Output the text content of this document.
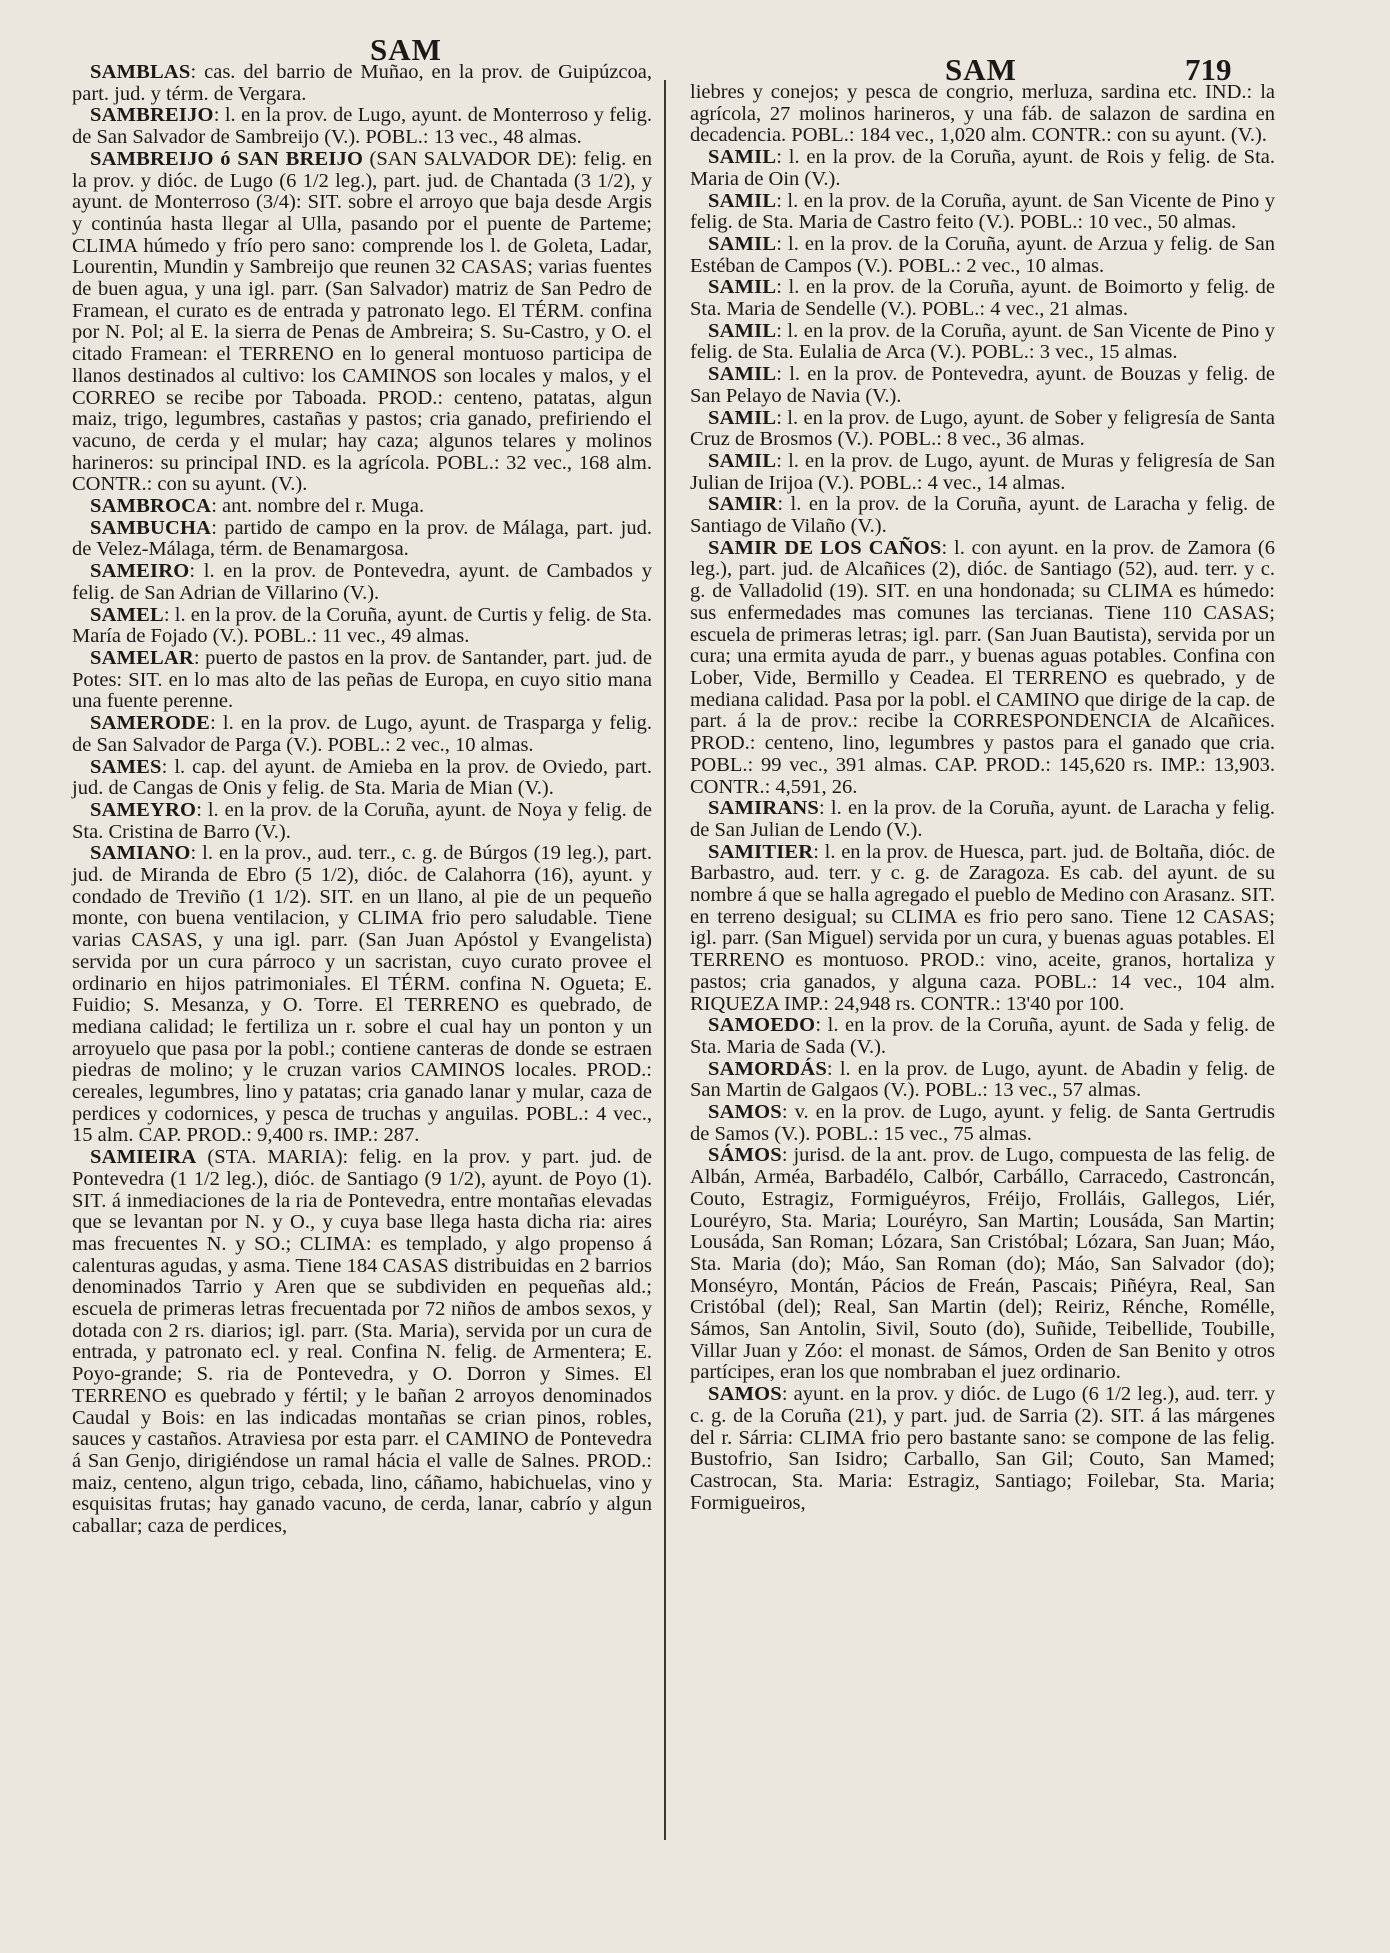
SAM
SAM	719

SAMBLAS: cas. del barrio de Muñao, en la prov. de Guipúzcoa, part. jud. y térm. de Vergara.

SAMBREIJO: l. en la prov. de Lugo, ayunt. de Monterroso y felig. de San Salvador de Sambreijo (V.). POBL.: 13 vec., 48 almas.

SAMBREIJO ó SAN BREIJO (SAN SALVADOR DE): felig. en la prov. y dióc. de Lugo (6 1/2 leg.), part. jud. de Chantada (3 1/2), y ayunt. de Monterroso (3/4): SIT. sobre el arroyo que baja desde Argis y continúa hasta llegar al Ulla, pasando por el puente de Parteme; CLIMA húmedo y frío pero sano: comprende los l. de Goleta, Ladar, Lourentin, Mundin y Sambreijo que reunen 32 CASAS; varias fuentes de buen agua, y una igl. parr. (San Salvador) matriz de San Pedro de Framean, el curato es de entrada y patronato lego. El TÉRM. confina por N. Pol; al E. la sierra de Penas de Ambreira; S. Su-Castro, y O. el citado Framean: el TERRENO en lo general montuoso participa de llanos destinados al cultivo: los CAMINOS son locales y malos, y el CORREO se recibe por Taboada. PROD.: centeno, patatas, algun maiz, trigo, legumbres, castañas y pastos; cria ganado, prefiriendo el vacuno, de cerda y el mular; hay caza; algunos telares y molinos harineros: su principal IND. es la agrícola. POBL.: 32 vec., 168 alm. CONTR.: con su ayunt. (V.).

SAMBROCA: ant. nombre del r. Muga.

SAMBUCHA: partido de campo en la prov. de Málaga, part. jud. de Velez-Málaga, térm. de Benamargosa.

SAMEIRO: l. en la prov. de Pontevedra, ayunt. de Cambados y felig. de San Adrian de Villarino (V.).

SAMEL: l. en la prov. de la Coruña, ayunt. de Curtis y felig. de Sta. María de Fojado (V.). POBL.: 11 vec., 49 almas.

SAMELAR: puerto de pastos en la prov. de Santander, part. jud. de Potes: SIT. en lo mas alto de las peñas de Europa, en cuyo sitio mana una fuente perenne.

SAMERODE: l. en la prov. de Lugo, ayunt. de Trasparga y felig. de San Salvador de Parga (V.). POBL.: 2 vec., 10 almas.

SAMES: l. cap. del ayunt. de Amieba en la prov. de Oviedo, part. jud. de Cangas de Onis y felig. de Sta. Maria de Mian (V.).

SAMEYRO: l. en la prov. de la Coruña, ayunt. de Noya y felig. de Sta. Cristina de Barro (V.).

SAMIANO: l. en la prov., aud. terr., c. g. de Búrgos (19 leg.), part. jud. de Miranda de Ebro (5 1/2), dióc. de Calahorra (16), ayunt. y condado de Treviño (1 1/2). SIT. en un llano, al pie de un pequeño monte, con buena ventilacion, y CLIMA frio pero saludable. Tiene varias CASAS, y una igl. parr. (San Juan Apóstol y Evangelista) servida por un cura párroco y un sacristan, cuyo curato provee el ordinario en hijos patrimoniales. El TÉRM. confina N. Ogueta; E. Fuidio; S. Mesanza, y O. Torre. El TERRENO es quebrado, de mediana calidad; le fertiliza un r. sobre el cual hay un ponton y un arroyuelo que pasa por la pobl.; contiene canteras de donde se estraen piedras de molino; y le cruzan varios CAMINOS locales. PROD.: cereales, legumbres, lino y patatas; cria ganado lanar y mular, caza de perdices y codornices, y pesca de truchas y anguilas. POBL.: 4 vec., 15 alm. CAP. PROD.: 9,400 rs. IMP.: 287.

SAMIEIRA (STA. MARIA): felig. en la prov. y part. jud. de Pontevedra (1 1/2 leg.), dióc. de Santiago (9 1/2), ayunt. de Poyo (1). SIT. á inmediaciones de la ria de Pontevedra, entre montañas elevadas que se levantan por N. y O., y cuya base llega hasta dicha ria: aires mas frecuentes N. y SO.; CLIMA: es templado, y algo propenso á calenturas agudas, y asma. Tiene 184 CASAS distribuidas en 2 barrios denominados Tarrio y Aren que se subdividen en pequeñas ald.; escuela de primeras letras frecuentada por 72 niños de ambos sexos, y dotada con 2 rs. diarios; igl. parr. (Sta. Maria), servida por un cura de entrada, y patronato ecl. y real. Confina N. felig. de Armentera; E. Poyo-grande; S. ria de Pontevedra, y O. Dorron y Simes. El TERRENO es quebrado y fértil; y le bañan 2 arroyos denominados Caudal y Bois: en las indicadas montañas se crian pinos, robles, sauces y castaños. Atraviesa por esta parr. el CAMINO de Pontevedra á San Genjo, dirigiéndose un ramal hácia el valle de Salnes. PROD.: maiz, centeno, algun trigo, cebada, lino, cáñamo, habichuelas, vino y esquisitas frutas; hay ganado vacuno, de cerda, lanar, cabrío y algun caballar; caza de perdices,

liebres y conejos; y pesca de congrio, merluza, sardina etc. IND.: la agrícola, 27 molinos harineros, y una fáb. de salazon de sardina en decadencia. POBL.: 184 vec., 1,020 alm. CONTR.: con su ayunt. (V.).

SAMIL: l. en la prov. de la Coruña, ayunt. de Rois y felig. de Sta. Maria de Oin (V.).

SAMIL: l. en la prov. de la Coruña, ayunt. de San Vicente de Pino y felig. de Sta. Maria de Castro feito (V.). POBL.: 10 vec., 50 almas.

SAMIL: l. en la prov. de la Coruña, ayunt. de Arzua y felig. de San Estéban de Campos (V.). POBL.: 2 vec., 10 almas.

SAMIL: l. en la prov. de la Coruña, ayunt. de Boimorto y felig. de Sta. Maria de Sendelle (V.). POBL.: 4 vec., 21 almas.

SAMIL: l. en la prov. de la Coruña, ayunt. de San Vicente de Pino y felig. de Sta. Eulalia de Arca (V.). POBL.: 3 vec., 15 almas.

SAMIL: l. en la prov. de Pontevedra, ayunt. de Bouzas y felig. de San Pelayo de Navia (V.).

SAMIL: l. en la prov. de Lugo, ayunt. de Sober y feligresía de Santa Cruz de Brosmos (V.). POBL.: 8 vec., 36 almas.

SAMIL: l. en la prov. de Lugo, ayunt. de Muras y feligresía de San Julian de Irijoa (V.). POBL.: 4 vec., 14 almas.

SAMIR: l. en la prov. de la Coruña, ayunt. de Laracha y felig. de Santiago de Vilaño (V.).

SAMIR DE LOS CAÑOS: l. con ayunt. en la prov. de Zamora (6 leg.), part. jud. de Alcañices (2), dióc. de Santiago (52), aud. terr. y c. g. de Valladolid (19). SIT. en una hondonada; su CLIMA es húmedo: sus enfermedades mas comunes las tercianas. Tiene 110 CASAS; escuela de primeras letras; igl. parr. (San Juan Bautista), servida por un cura; una ermita ayuda de parr., y buenas aguas potables. Confina con Lober, Vide, Bermillo y Ceadea. El TERRENO es quebrado, y de mediana calidad. Pasa por la pobl. el CAMINO que dirige de la cap. de part. á la de prov.: recibe la CORRESPONDENCIA de Alcañices. PROD.: centeno, lino, legumbres y pastos para el ganado que cria. POBL.: 99 vec., 391 almas. CAP. PROD.: 145,620 rs. IMP.: 13,903. CONTR.: 4,591, 26.

SAMIRANS: l. en la prov. de la Coruña, ayunt. de Laracha y felig. de San Julian de Lendo (V.).

SAMITIER: l. en la prov. de Huesca, part. jud. de Boltaña, dióc. de Barbastro, aud. terr. y c. g. de Zaragoza. Es cab. del ayunt. de su nombre á que se halla agregado el pueblo de Medino con Arasanz. SIT. en terreno desigual; su CLIMA es frio pero sano. Tiene 12 CASAS; igl. parr. (San Miguel) servida por un cura, y buenas aguas potables. El TERRENO es montuoso. PROD.: vino, aceite, granos, hortaliza y pastos; cria ganados, y alguna caza. POBL.: 14 vec., 104 alm. RIQUEZA IMP.: 24,948 rs. CONTR.: 13'40 por 100.

SAMOEDO: l. en la prov. de la Coruña, ayunt. de Sada y felig. de Sta. Maria de Sada (V.).

SAMORDÁS: l. en la prov. de Lugo, ayunt. de Abadin y felig. de San Martin de Galgaos (V.). POBL.: 13 vec., 57 almas.

SAMOS: v. en la prov. de Lugo, ayunt. y felig. de Santa Gertrudis de Samos (V.). POBL.: 15 vec., 75 almas.

SÁMOS: jurisd. de la ant. prov. de Lugo, compuesta de las felig. de Albán, Arméa, Barbadélo, Calbór, Carbállo, Carracedo, Castroncán, Couto, Estragiz, Formiguéyros, Fréijo, Frolláis, Gallegos, Liér, Louréyro, Sta. Maria; Louréyro, San Martin; Lousáda, San Martin; Lousáda, San Roman; Lózara, San Cristóbal; Lózara, San Juan; Máo, Sta. Maria (do); Máo, San Roman (do); Máo, San Salvador (do); Monséyro, Montán, Pácios de Freán, Pascais; Piñéyra, Real, San Cristóbal (del); Real, San Martin (del); Reiriz, Rénche, Romélle, Sámos, San Antolin, Sivil, Souto (do), Suñide, Teibellide, Toubille, Villar Juan y Zóo: el monast. de Sámos, Orden de San Benito y otros partícipes, eran los que nombraban el juez ordinario.

SAMOS: ayunt. en la prov. y dióc. de Lugo (6 1/2 leg.), aud. terr. y c. g. de la Coruña (21), y part. jud. de Sarria (2). SIT. á las márgenes del r. Sárria: CLIMA frio pero bastante sano: se compone de las felig. Bustofrio, San Isidro; Carballo, San Gil; Couto, San Mamed; Castrocan, Sta. Maria: Estragiz, Santiago; Foilebar, Sta. Maria; Formigueiros,
